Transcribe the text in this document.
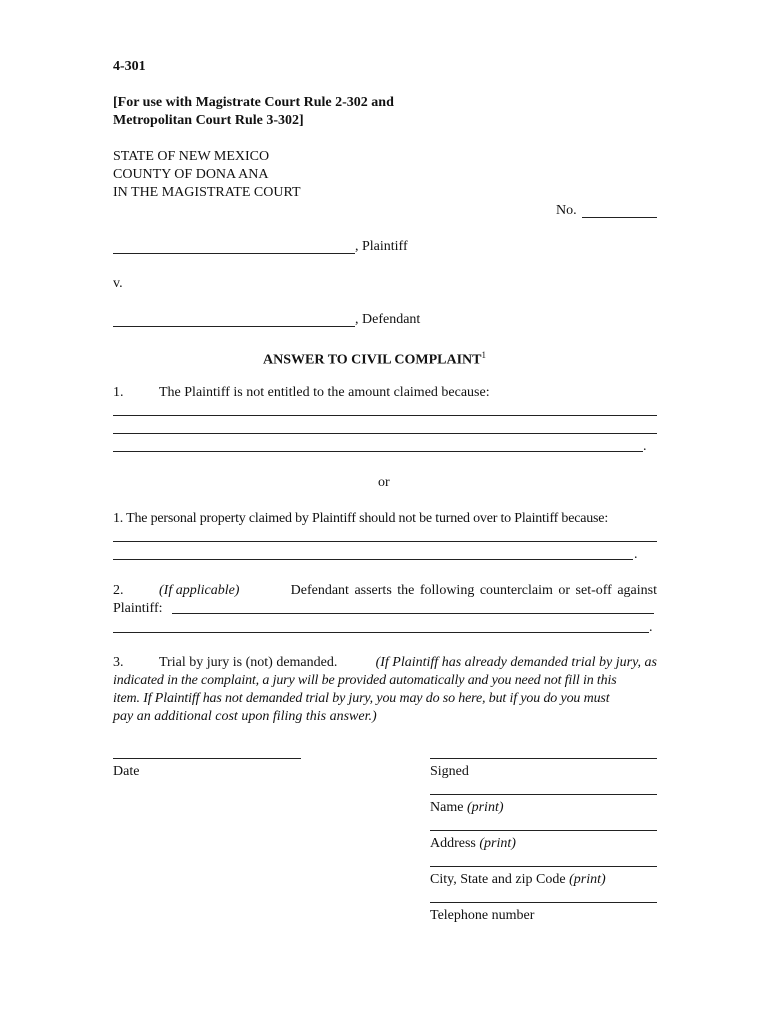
4-301
[For use with Magistrate Court Rule 2-302 and
Metropolitan Court Rule 3-302]
STATE OF NEW MEXICO
COUNTY OF DONA ANA
IN THE MAGISTRATE COURT
No.
, Plaintiff
v.
, Defendant
ANSWER TO CIVIL COMPLAINT$^1$
1.	The Plaintiff is not entitled to the amount claimed because:
.
or
1. The personal property claimed by Plaintiff should not be turned over to Plaintiff because:
.
2.	(If applicable)	Defendant asserts the following counterclaim or set-off against
Plaintiff:
.
3.	Trial by jury is (not) demanded.	(If Plaintiff has already demanded trial by jury, as
indicated in the complaint, a jury will be provided automatically and you need not fill in this
item. If Plaintiff has not demanded trial by jury, you may do so here, but if you do you must
pay an additional cost upon filing this answer.)
Date	Signed
Name (print)
Address (print)
City, State and zip Code (print)
Telephone number
